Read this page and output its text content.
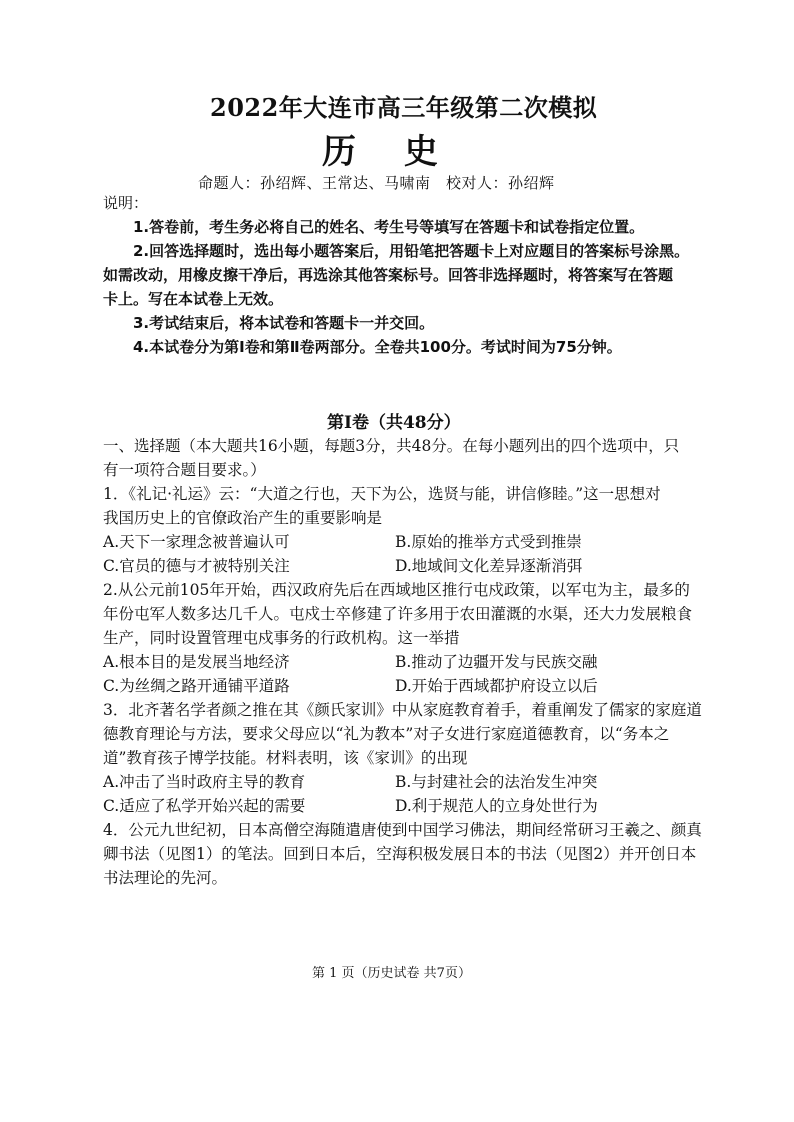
2022年大连市高三年级第二次模拟
历 史
命题人：孙绍辉、王常达、马啸南　校对人：孙绍辉
说明：
1.答卷前，考生务必将自己的姓名、考生号等填写在答题卡和试卷指定位置。
2.回答选择题时，选出每小题答案后，用铅笔把答题卡上对应题目的答案标号涂黑。
如需改动，用橡皮擦干净后，再选涂其他答案标号。回答非选择题时，将答案写在答题
卡上。写在本试卷上无效。
3.考试结束后，将本试卷和答题卡一并交回。
4.本试卷分为第Ⅰ卷和第Ⅱ卷两部分。全卷共100分。考试时间为75分钟。
第Ⅰ卷（共48分）
一、选择题（本大题共16小题，每题3分，共48分。在每小题列出的四个选项中，只
有一项符合题目要求。）
1．《礼记·礼运》云：“大道之行也，天下为公，选贤与能，讲信修睦。”这一思想对
我国历史上的官僚政治产生的重要影响是
A.天下一家理念被普遍认可	B.原始的推举方式受到推崇
C.官员的德与才被特别关注	D.地域间文化差异逐渐消弭
2.从公元前105年开始，西汉政府先后在西域地区推行屯戍政策，以军屯为主，最多的
年份屯军人数多达几千人。屯戍士卒修建了许多用于农田灌溉的水渠，还大力发展粮食
生产，同时设置管理屯戍事务的行政机构。这一举措
A.根本目的是发展当地经济	B.推动了边疆开发与民族交融
C.为丝绸之路开通铺平道路	D.开始于西域都护府设立以后
3．北齐著名学者颜之推在其《颜氏家训》中从家庭教育着手，着重阐发了儒家的家庭道
德教育理论与方法，要求父母应以“礼为教本”对子女进行家庭道德教育，以“务本之
道”教育孩子博学技能。材料表明，该《家训》的出现
A.冲击了当时政府主导的教育	B.与封建社会的法治发生冲突
C.适应了私学开始兴起的需要	D.利于规范人的立身处世行为
4．公元九世纪初，日本高僧空海随遣唐使到中国学习佛法，期间经常研习王羲之、颜真
卿书法（见图1）的笔法。回到日本后，空海积极发展日本的书法（见图2）并开创日本
书法理论的先河。
第 1 页（历史试卷 共7页）
